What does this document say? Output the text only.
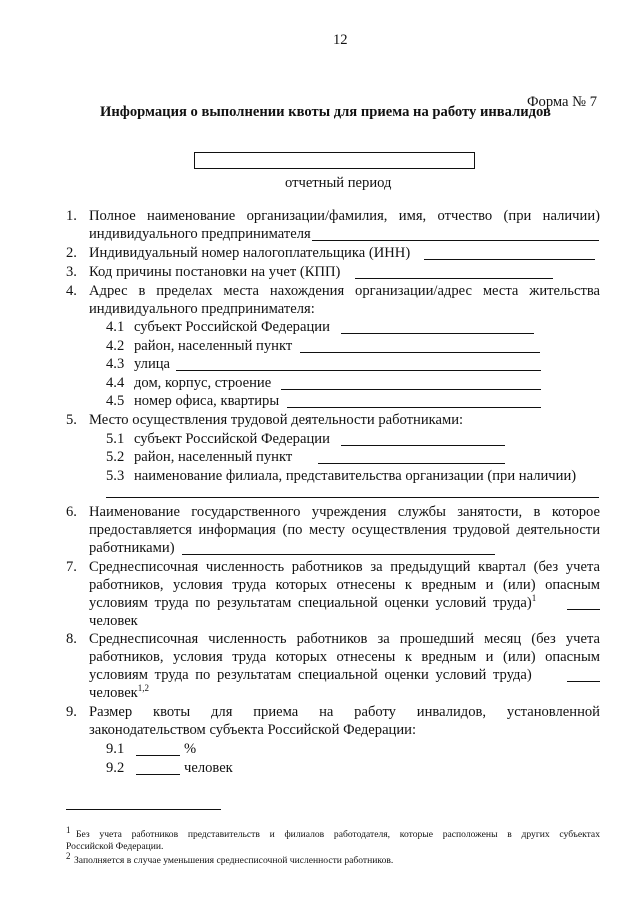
12
Форма № 7
Информация о выполнении квоты для приема на работу инвалидов
отчетный период
1. Полное наименование организации/фамилия, имя, отчество (при наличии)
индивидуального предпринимателя
2. Индивидуальный номер налогоплательщика (ИНН)
3. Код причины постановки на учет (КПП)
4. Адрес в пределах места нахождения организации/адрес места жительства
индивидуального предпринимателя:
4.1 субъект Российской Федерации
4.2 район, населенный пункт
4.3 улица
4.4 дом, корпус, строение
4.5 номер офиса, квартиры
5. Место осуществления трудовой деятельности работниками:
5.1 субъект Российской Федерации
5.2 район, населенный пункт
5.3 наименование филиала, представительства организации (при наличии)
6. Наименование государственного учреждения службы занятости, в которое
предоставляется информация (по месту осуществления трудовой деятельности
работниками)
7. Среднесписочная численность работников за предыдущий квартал (без учета
работников, условия труда которых отнесены к вредным и (или) опасным
условиям труда по результатам специальной оценки условий труда)$^1$
человек
8. Среднесписочная численность работников за прошедший месяц (без учета
работников, условия труда которых отнесены к вредным и (или) опасным
условиям труда по результатам специальной оценки условий труда)
человек$^{1,2}$
9. Размер квоты для приема на работу инвалидов, установленной
законодательством субъекта Российской Федерации:
9.1	%
9.2	человек
$^1$ Без учета работников представительств и филиалов работодателя, которые расположены в других субъектах
Российской Федерации.
$^2$ Заполняется в случае уменьшения среднесписочной численности работников.
